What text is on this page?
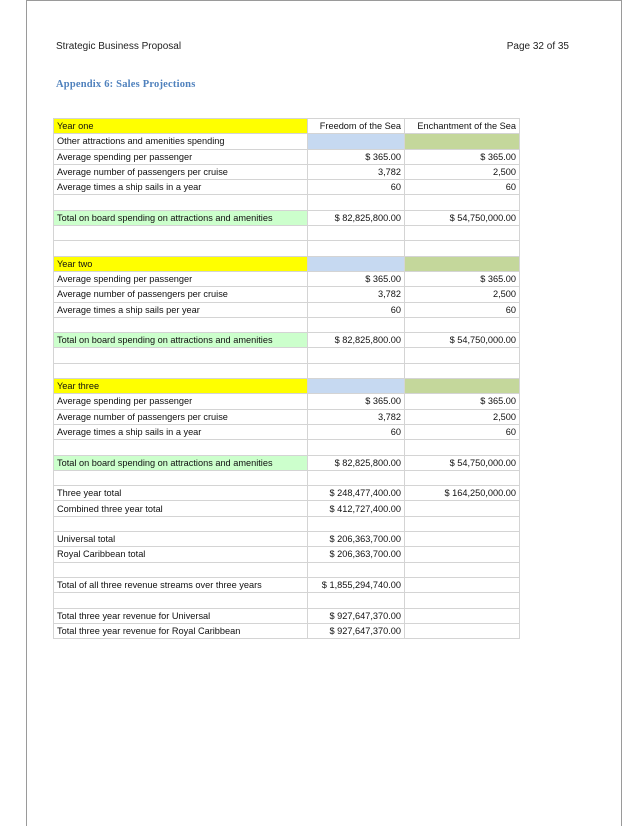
Strategic Business Proposal	Page 32 of 35
Appendix 6: Sales Projections
Year one	Freedom of the Sea	Enchantment of the Sea
Other attractions and amenities spending		
Average spending per passenger	$ 365.00	$ 365.00
Average number of passengers per cruise	3,782	2,500
Average times a ship sails in a year	60	60

Total on board spending on attractions and amenities	$ 82,825,800.00	$ 54,750,000.00

Year two		
Average spending per passenger	$ 365.00	$ 365.00
Average number of passengers per cruise	3,782	2,500
Average times a ship sails per year	60	60

Total on board spending on attractions and amenities	$ 82,825,800.00	$ 54,750,000.00

Year three		
Average spending per passenger	$ 365.00	$ 365.00
Average number of passengers per cruise	3,782	2,500
Average times a ship sails in a year	60	60

Total on board spending on attractions and amenities	$ 82,825,800.00	$ 54,750,000.00

Three year total	$ 248,477,400.00	$ 164,250,000.00
Combined three year total	$ 412,727,400.00	

Universal total	$ 206,363,700.00	
Royal Caribbean total	$ 206,363,700.00	

Total of all three revenue streams over three years	$ 1,855,294,740.00	

Total three year revenue for Universal	$ 927,647,370.00	
Total three year revenue for Royal Caribbean	$ 927,647,370.00	
